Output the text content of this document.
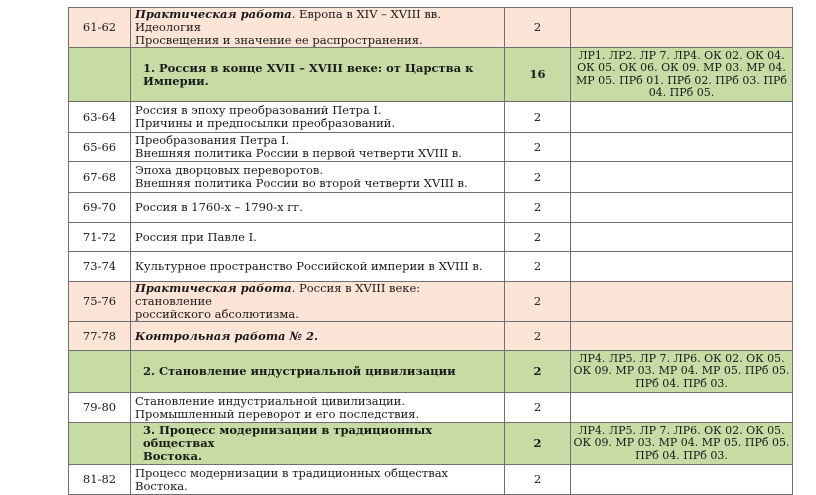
61-62	Практическая работа. Европа в XIV – XVIII вв. Идеология
Просвещения и значение ее распространения.	2	
	1. Россия в конце XVII – XVIII веке: от Царства к
Империи.	16	ЛР1. ЛР2. ЛР 7. ЛР4. ОК 02. ОК 04. ОК 05. ОК 06. ОК 09. МР 03. МР 04. МР 05. ПРб 01. ПРб 02. ПРб 03. ПРб 04. ПРб 05.
63-64	Россия в эпоху преобразований Петра I.
Причины и предпосылки преобразований.	2	
65-66	Преобразования Петра I.
Внешняя политика России в первой четверти XVIII в.	2	
67-68	Эпоха дворцовых переворотов.
Внешняя политика России во второй четверти XVIII в.	2	
69-70	Россия в 1760-х – 1790-х гг.	2	
71-72	Россия при Павле I.	2	
73-74	Культурное пространство Российской империи в XVIII в.	2	
75-76	Практическая работа. Россия в XVIII веке: становление
российского абсолютизма.	2	
77-78	Контрольная работа № 2.	2	
	2. Становление индустриальной цивилизации	2	ЛР4. ЛР5. ЛР 7. ЛР6. ОК 02. ОК 05. ОК 09. МР 03. МР 04. МР 05. ПРб 05. ПРб 04. ПРб 03.
79-80	Становление индустриальной цивилизации.
Промышленный переворот и его последствия.	2	
	3. Процесс модернизации в традиционных обществах
Востока.	2	ЛР4. ЛР5. ЛР 7. ЛР6. ОК 02. ОК 05. ОК 09. МР 03. МР 04. МР 05. ПРб 05. ПРб 04. ПРб 03.
81-82	Процесс модернизации в традиционных обществах Востока.	2	
